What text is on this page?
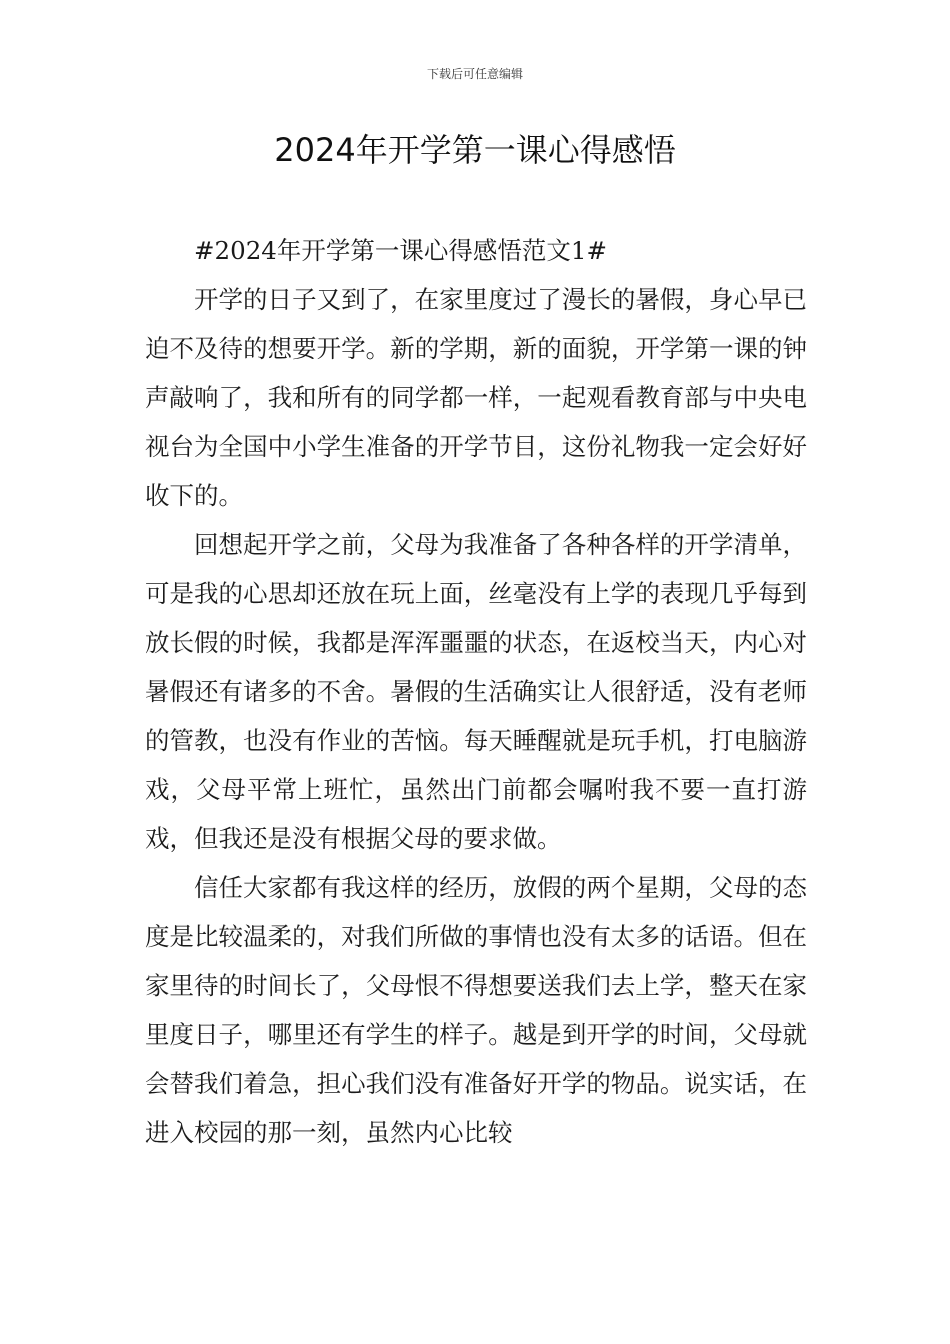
下载后可任意编辑
2024年开学第一课心得感悟

#2024年开学第一课心得感悟范文1#

开学的日子又到了，在家里度过了漫长的暑假，身心早已迫不及待的想要开学。新的学期，新的面貌，开学第一课的钟声敲响了，我和所有的同学都一样，一起观看教育部与中央电视台为全国中小学生准备的开学节目，这份礼物我一定会好好收下的。

回想起开学之前，父母为我准备了各种各样的开学清单，可是我的心思却还放在玩上面，丝毫没有上学的表现几乎每到放长假的时候，我都是浑浑噩噩的状态，在返校当天，内心对暑假还有诸多的不舍。暑假的生活确实让人很舒适，没有老师的管教，也没有作业的苦恼。每天睡醒就是玩手机，打电脑游戏，父母平常上班忙，虽然出门前都会嘱咐我不要一直打游戏，但我还是没有根据父母的要求做。

信任大家都有我这样的经历，放假的两个星期，父母的态度是比较温柔的，对我们所做的事情也没有太多的话语。但在家里待的时间长了，父母恨不得想要送我们去上学，整天在家里度日子，哪里还有学生的样子。越是到开学的时间，父母就会替我们着急，担心我们没有准备好开学的物品。说实话，在进入校园的那一刻，虽然内心比较
